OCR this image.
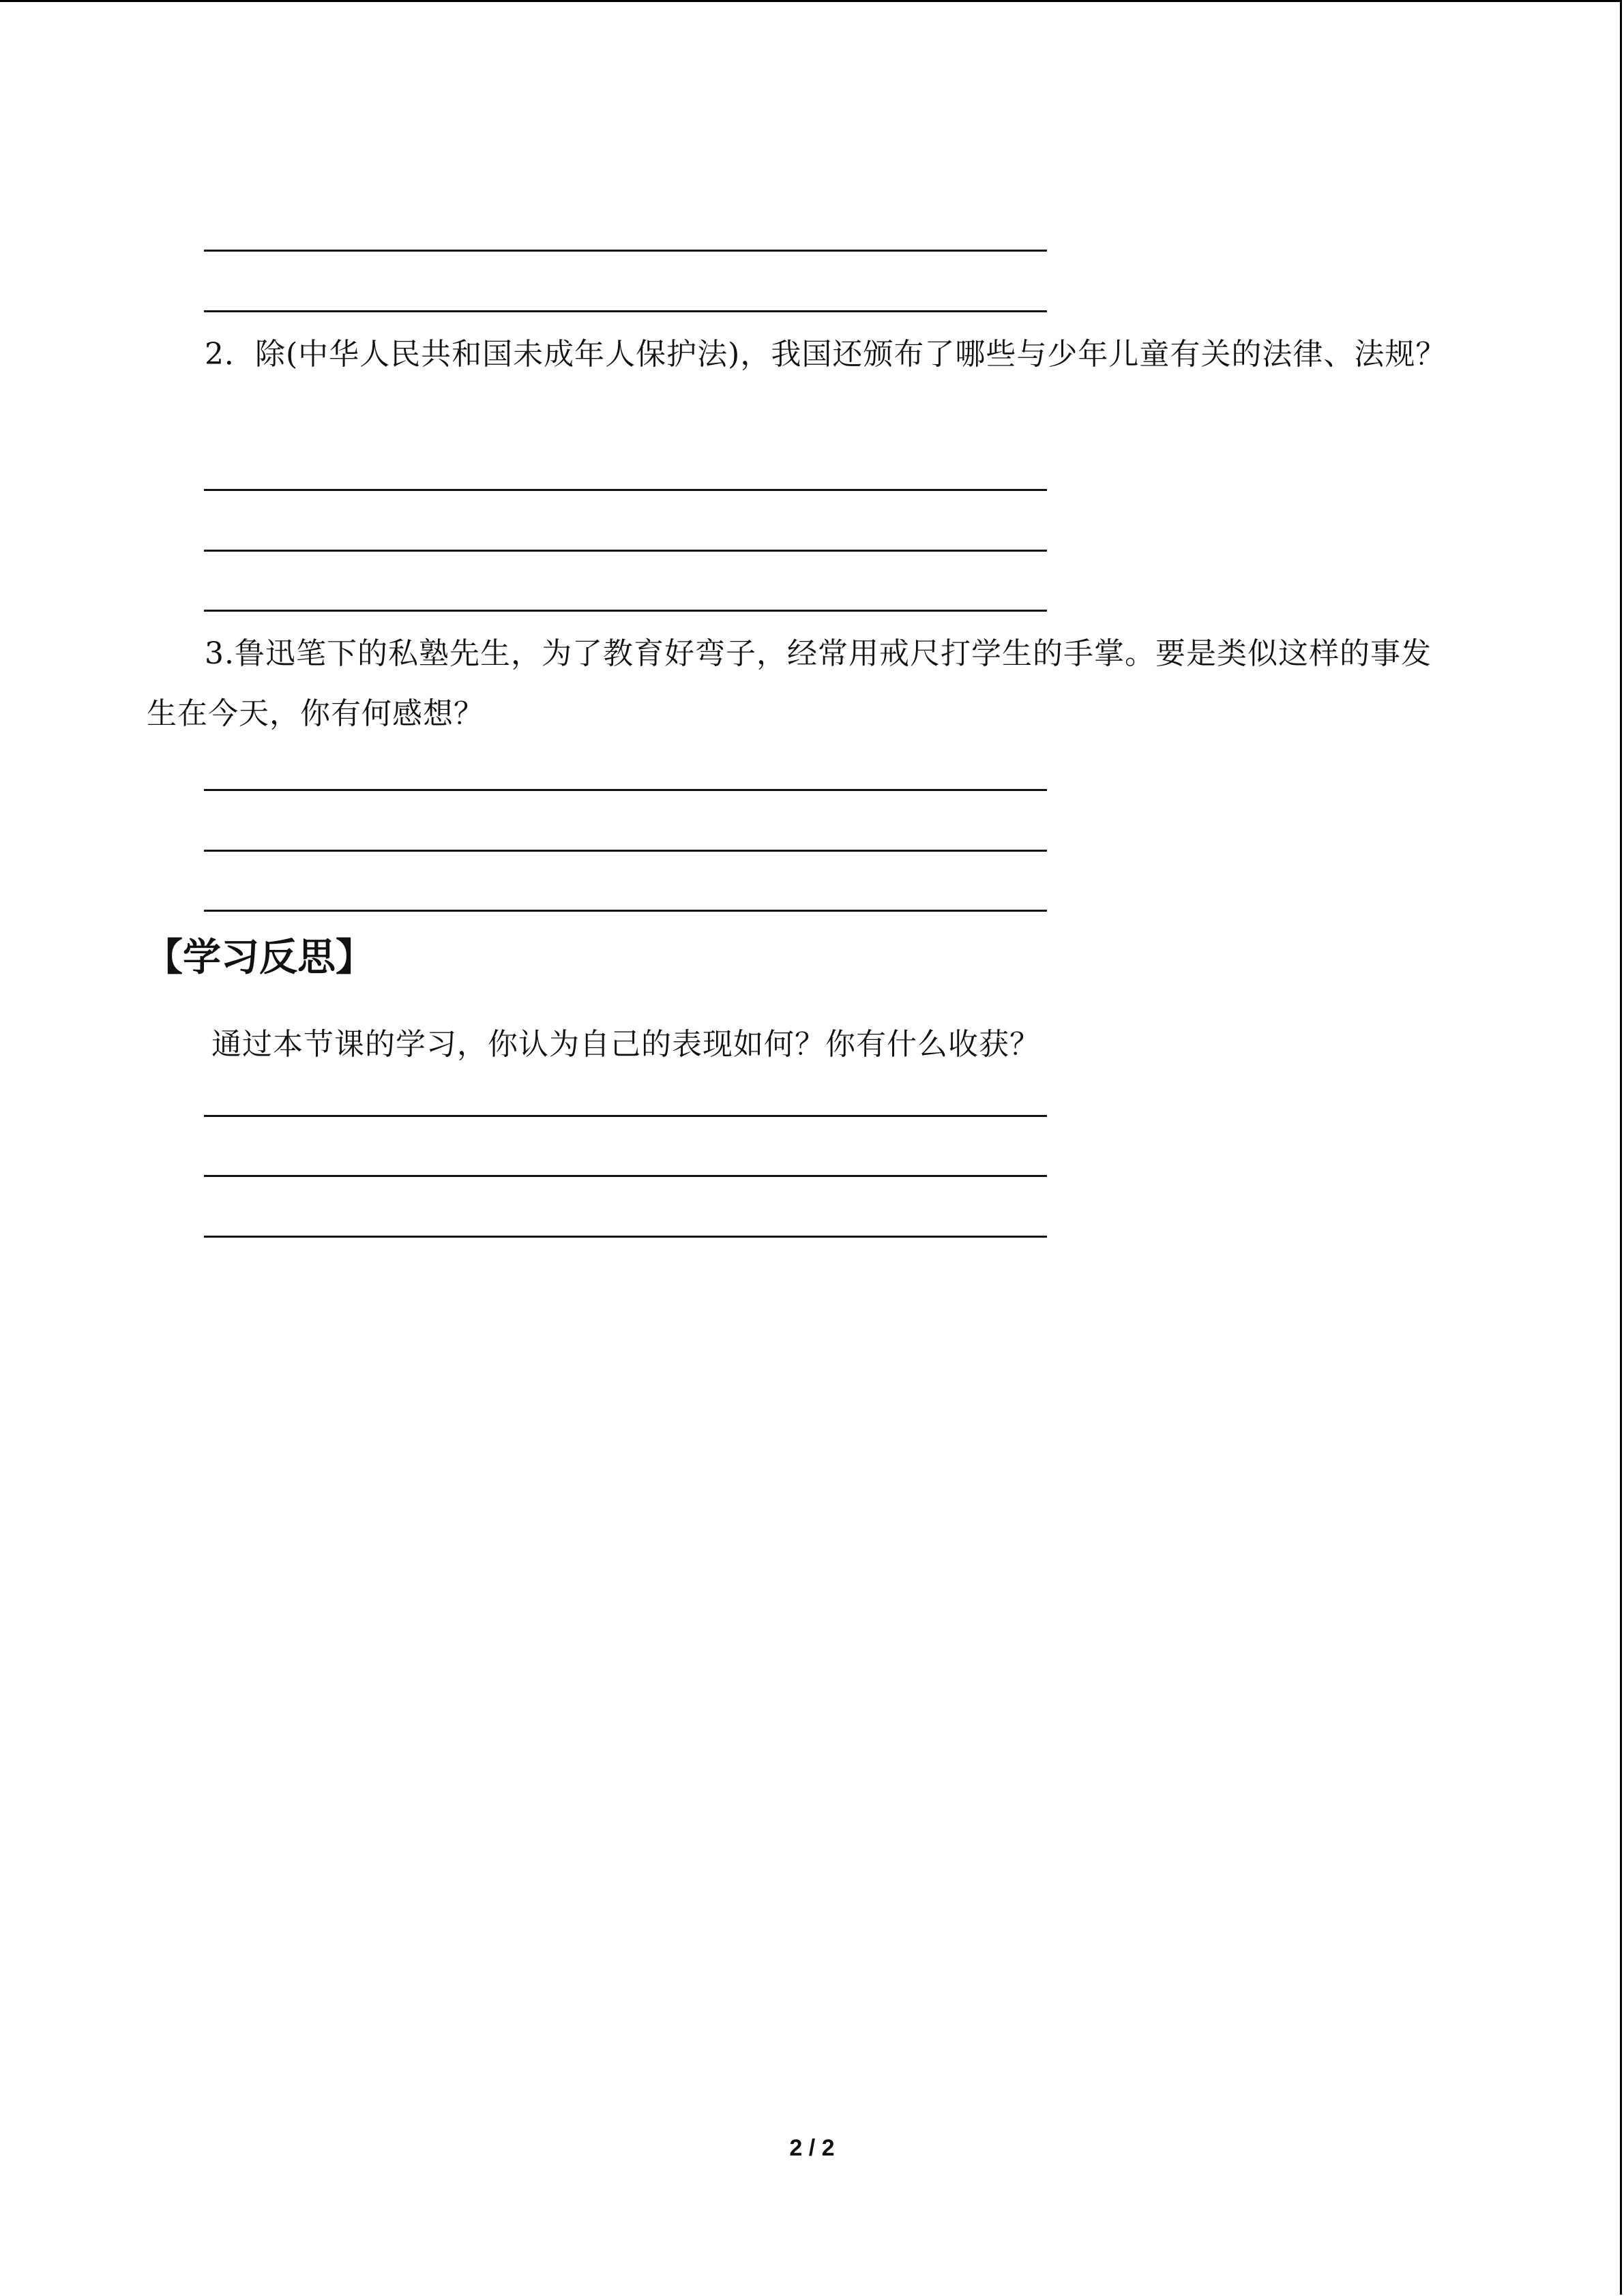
2．除(中华人民共和国未成年人保护法)，我国还颁布了哪些与少年儿童有关的法律、法规？

3.鲁迅笔下的私塾先生，为了教育好弯子，经常用戒尺打学生的手掌。要是类似这样的事发生在今天，你有何感想？

【学习反思】

通过本节课的学习，你认为自己的表现如何？你有什么收获？

2 / 2
